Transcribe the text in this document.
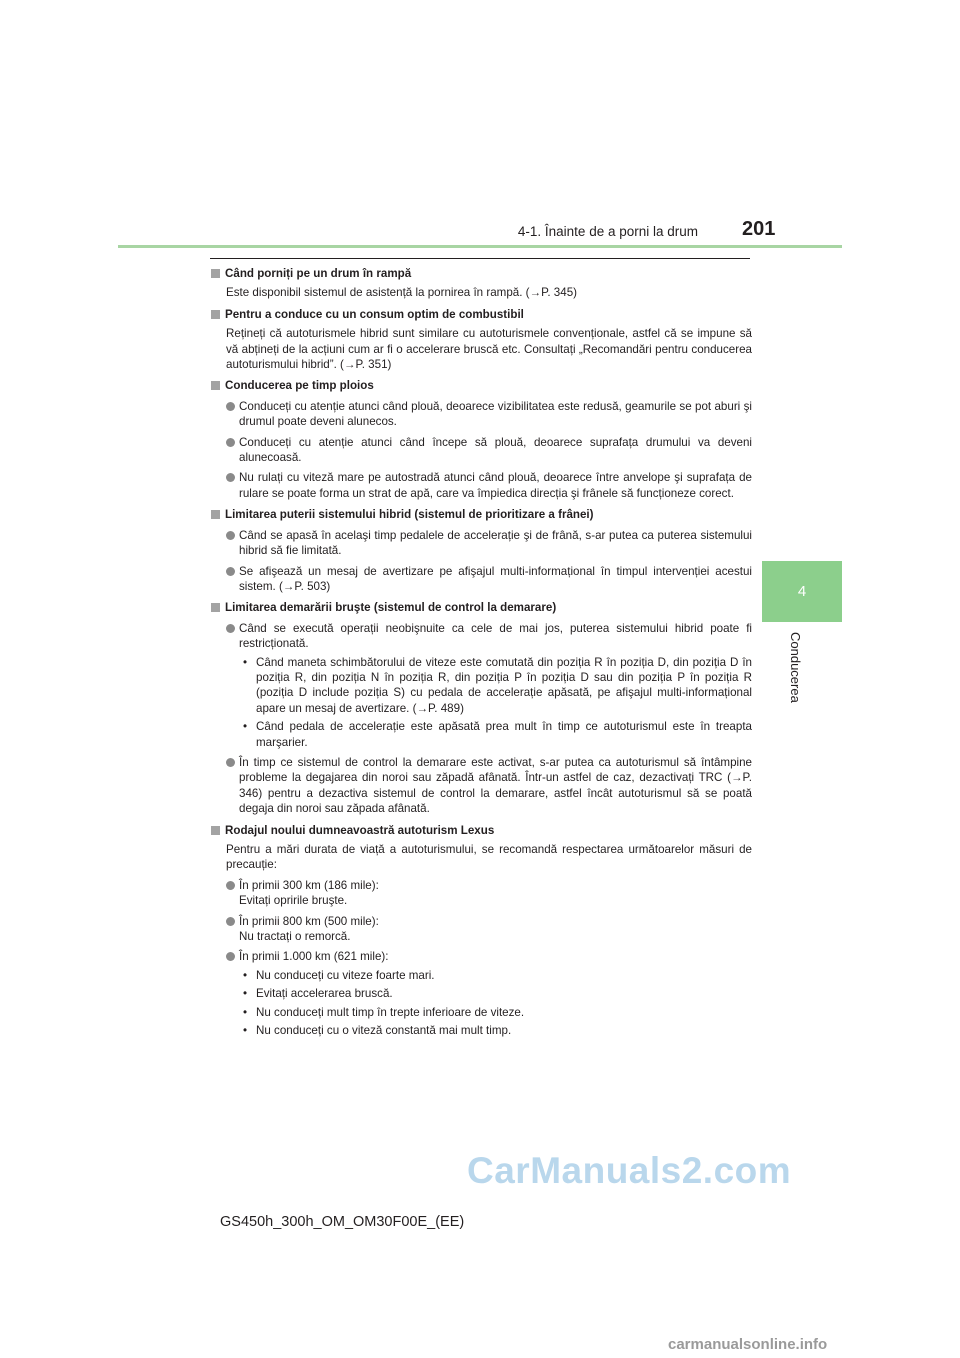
4-1. Înainte de a porni la drum 201
4
Conducerea
Când porniți pe un drum în rampă
Este disponibil sistemul de asistență la pornirea în rampă. (→P. 345)
Pentru a conduce cu un consum optim de combustibil
Rețineți că autoturismele hibrid sunt similare cu autoturismele convenționale, astfel că se impune să vă abțineți de la acțiuni cum ar fi o accelerare bruscă etc. Consultați „Recomandări pentru conducerea autoturismului hibrid”. (→P. 351)
Conducerea pe timp ploios
Conduceți cu atenție atunci când plouă, deoarece vizibilitatea este redusă, geamurile se pot aburi şi drumul poate deveni alunecos.
Conduceți cu atenție atunci când începe să plouă, deoarece suprafața drumului va deveni alunecoasă.
Nu rulați cu viteză mare pe autostradă atunci când plouă, deoarece între anvelope şi suprafața de rulare se poate forma un strat de apă, care va împiedica direcția şi frânele să funcționeze corect.
Limitarea puterii sistemului hibrid (sistemul de prioritizare a frânei)
Când se apasă în acelaşi timp pedalele de accelerație şi de frână, s-ar putea ca puterea sistemului hibrid să fie limitată.
Se afişează un mesaj de avertizare pe afişajul multi-informațional în timpul intervenției acestui sistem. (→P. 503)
Limitarea demarării bruşte (sistemul de control la demarare)
Când se execută operații neobişnuite ca cele de mai jos, puterea sistemului hibrid poate fi restricționată.
• Când maneta schimbătorului de viteze este comutată din poziția R în poziția D, din poziția D în poziția R, din poziția N în poziția R, din poziția P în poziția D sau din poziția P în poziția R (poziția D include poziția S) cu pedala de accelerație apăsată, pe afişajul multi-informațional apare un mesaj de avertizare. (→P. 489)
• Când pedala de accelerație este apăsată prea mult în timp ce autoturismul este în treapta marşarier.
În timp ce sistemul de control la demarare este activat, s-ar putea ca autoturismul să întâmpine probleme la degajarea din noroi sau zăpadă afânată. Într-un astfel de caz, dezactivați TRC (→P. 346) pentru a dezactiva sistemul de control la demarare, astfel încât autoturismul să se poată degaja din noroi sau zăpada afânată.
Rodajul noului dumneavoastră autoturism Lexus
Pentru a mări durata de viață a autoturismului, se recomandă respectarea următoarelor măsuri de precauție:
În primii 300 km (186 mile):
Evitați opririle bruşte.
În primii 800 km (500 mile):
Nu tractați o remorcă.
În primii 1.000 km (621 mile):
• Nu conduceți cu viteze foarte mari.
• Evitați accelerarea bruscă.
• Nu conduceți mult timp în trepte inferioare de viteze.
• Nu conduceți cu o viteză constantă mai mult timp.
CarManuals2.com
GS450h_300h_OM_OM30F00E_(EE)
carmanualsonline.info
